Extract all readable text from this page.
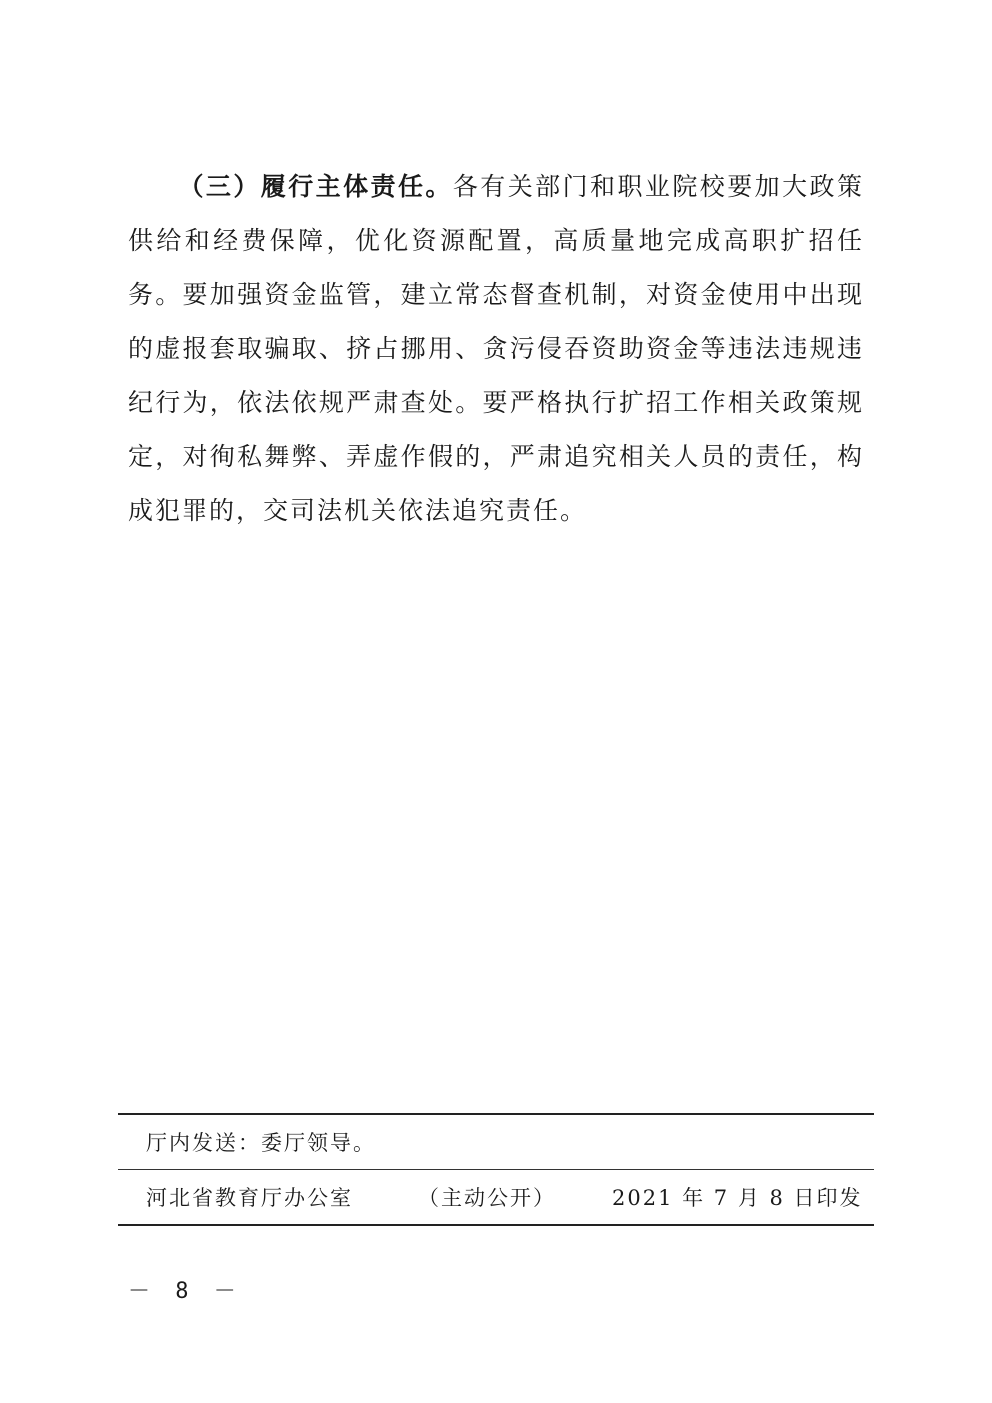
（三）履行主体责任。各有关部门和职业院校要加大政策供给和经费保障，优化资源配置，高质量地完成高职扩招任务。要加强资金监管，建立常态督查机制，对资金使用中出现的虚报套取骗取、挤占挪用、贪污侵吞资助资金等违法违规违纪行为，依法依规严肃查处。要严格执行扩招工作相关政策规定，对徇私舞弊、弄虚作假的，严肃追究相关人员的责任，构成犯罪的，交司法机关依法追究责任。

厅内发送：委厅领导。
河北省教育厅办公室	（主动公开）	2021 年 7 月 8 日印发
－ 8 －
